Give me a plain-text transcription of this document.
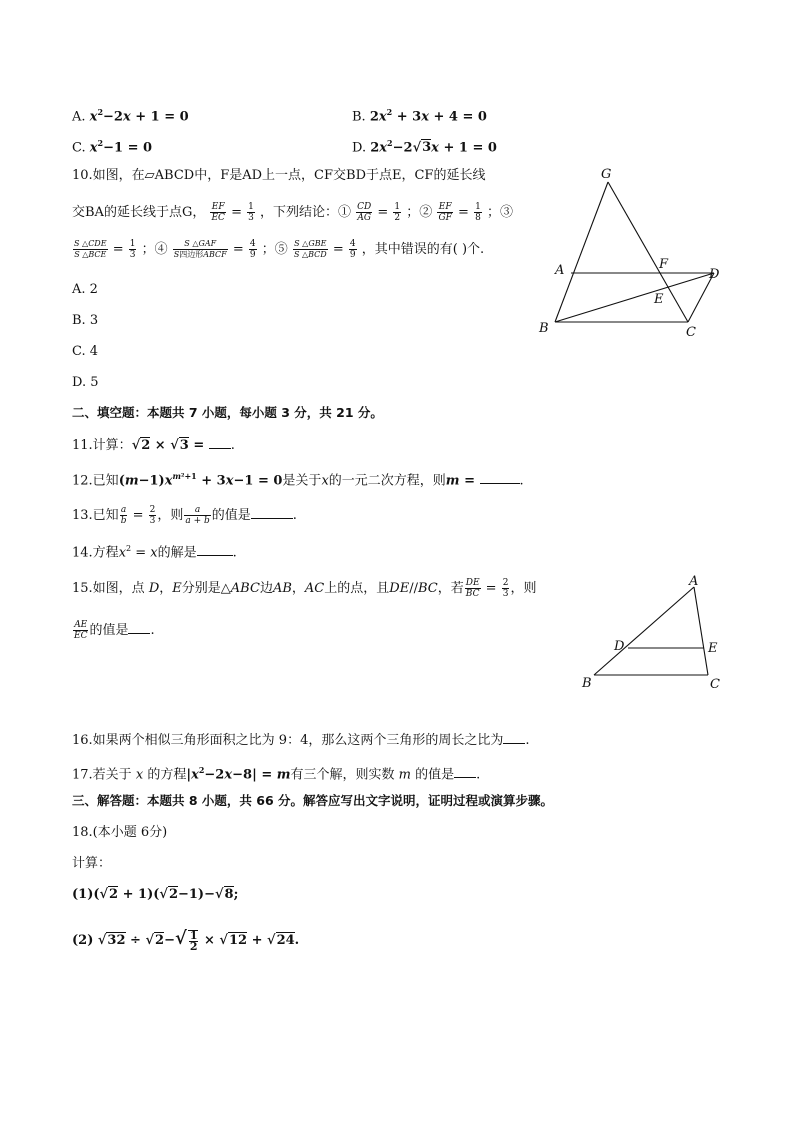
A. $x^2-2x + 1 = 0$	B. $2x^2 + 3x + 4 = 0$
C. $x^2-1 = 0$	D. $2x^2-2√3x + 1 = 0$
10.如图，在▱ABCD中，F是AD上一点，CF交BD于点E，CF的延长线
交BA的延长线于点G， $\frac{EF}{EC} = \frac{1}{3}$ ，下列结论：① $\frac{CD}{AG} = \frac{1}{2}$ ；② $\frac{EF}{GF} = \frac{1}{8}$ ；③
$\frac{\text{S △CDE}}{\text{S △BCE}} = \frac{1}{3}$ ；④ $\frac{\text{S △GAF}}{\text{S四边形ABCF}} = \frac{4}{9}$ ；⑤ $\frac{\text{S △GBE}}{\text{S △BCD}} = \frac{4}{9}$ ，其中错误的有( )个.
A. 2
B. 3
C. 4
D. 5
G
A	F
D
E
B	C
二、填空题：本题共 7 小题，每小题 3 分，共 21 分。
11.计算：√2 × √3 = .
12.已知$(m-1)x^{m^2+1} + 3x-1 = 0$是关于x的一元二次方程，则m =	.
13.已知 $\frac{a}{b} = \frac{2}{3}$ ，则 $\frac{a}{a + b}$ 的值是	.
14.方程$x^2 = x$的解是	.
15.如图，点 D，E分别是△ABC边AB，AC上的点，且DE//BC，若 $\frac{DE}{BC} = \frac{2}{3}$ ，则
$\frac{AE}{EC}$ 的值是 .
A
D	E
B	C
16.如果两个相似三角形面积之比为 9：4，那么这两个三角形的周长之比为 .
17.若关于 x 的方程$|x^2-2x-8| = m$有三个解，则实数 m 的值是 .
三、解答题：本题共 8 小题，共 66 分。解答应写出文字说明，证明过程或演算步骤。
18.(本小题 6分)
计算：
(1)(√2 + 1)(√2−1)−√8;
(2) $√32 \div √2-√ \frac{1}{2} \times √12 + √24$.
